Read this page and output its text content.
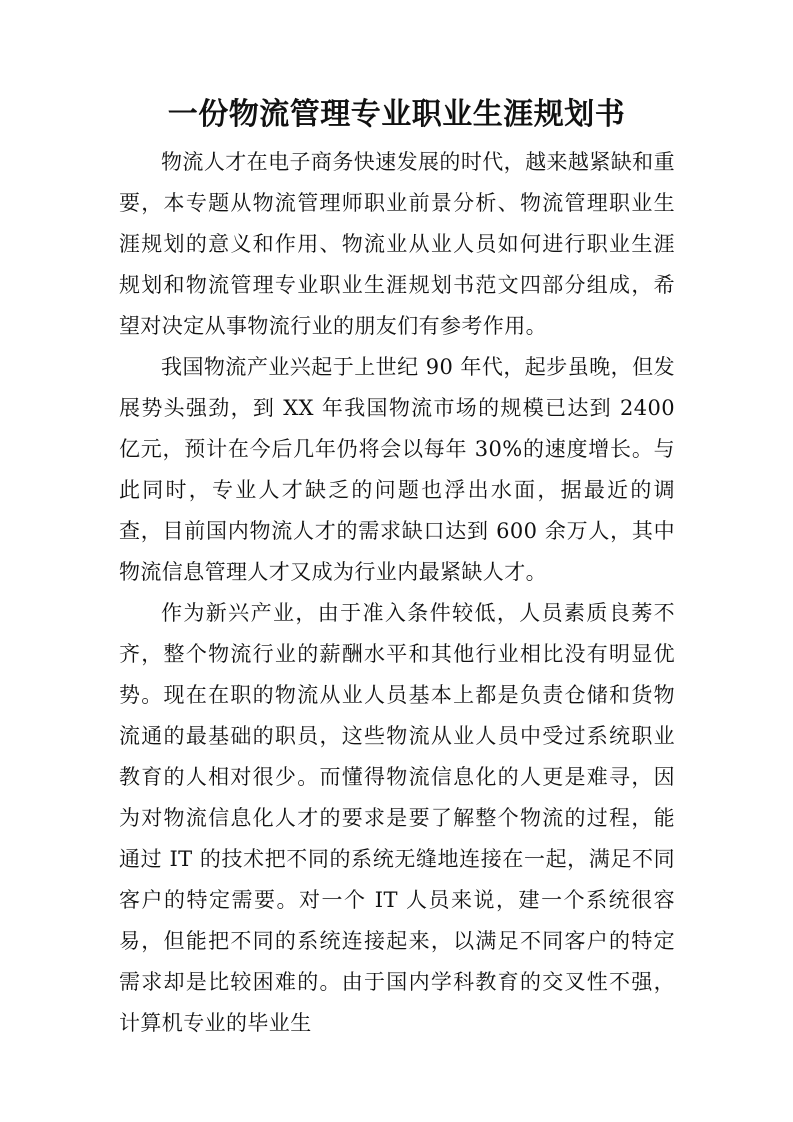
一份物流管理专业职业生涯规划书

物流人才在电子商务快速发展的时代，越来越紧缺和重要，本专题从物流管理师职业前景分析、物流管理职业生涯规划的意义和作用、物流业从业人员如何进行职业生涯规划和物流管理专业职业生涯规划书范文四部分组成，希望对决定从事物流行业的朋友们有参考作用。

我国物流产业兴起于上世纪 90 年代，起步虽晚，但发展势头强劲，到 XX 年我国物流市场的规模已达到 2400 亿元，预计在今后几年仍将会以每年 30%的速度增长。与此同时，专业人才缺乏的问题也浮出水面，据最近的调查，目前国内物流人才的需求缺口达到 600 余万人，其中物流信息管理人才又成为行业内最紧缺人才。

作为新兴产业，由于准入条件较低，人员素质良莠不齐，整个物流行业的薪酬水平和其他行业相比没有明显优势。现在在职的物流从业人员基本上都是负责仓储和货物流通的最基础的职员，这些物流从业人员中受过系统职业教育的人相对很少。而懂得物流信息化的人更是难寻，因为对物流信息化人才的要求是要了解整个物流的过程，能通过 IT 的技术把不同的系统无缝地连接在一起，满足不同客户的特定需要。对一个 IT 人员来说，建一个系统很容易，但能把不同的系统连接起来，以满足不同客户的特定需求却是比较困难的。由于国内学科教育的交叉性不强，计算机专业的毕业生
